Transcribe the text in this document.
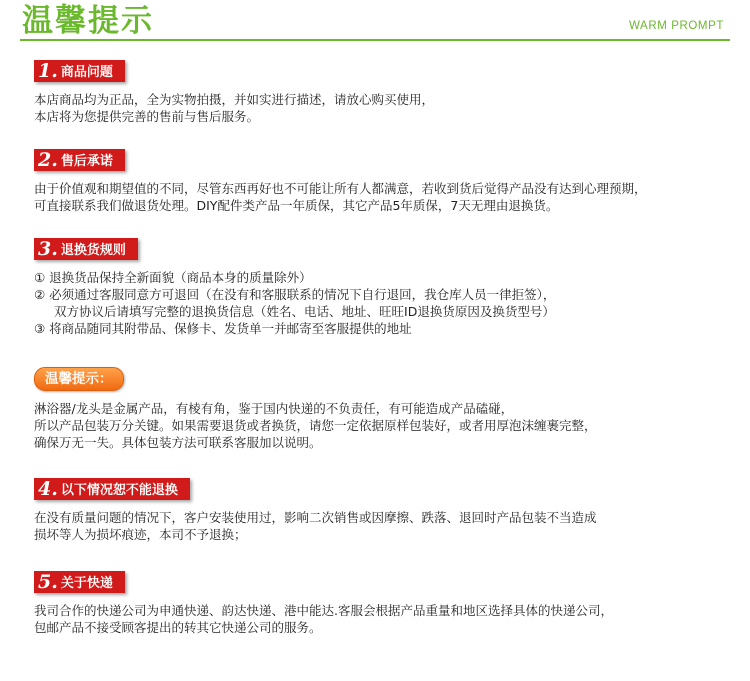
温馨提示	WARM PROMPT
1. 商品问题
本店商品均为正品，全为实物拍摄，并如实进行描述，请放心购买使用，
本店将为您提供完善的售前与售后服务。
2. 售后承诺
由于价值观和期望值的不同，尽管东西再好也不可能让所有人都满意，若收到货后觉得产品没有达到心理预期，
可直接联系我们做退货处理。DIY配件类产品一年质保，其它产品5年质保，7天无理由退换货。
3. 退换货规则
① 退换货品保持全新面貌（商品本身的质量除外）
② 必须通过客服同意方可退回（在没有和客服联系的情况下自行退回，我仓库人员一律拒签），
双方协议后请填写完整的退换货信息（姓名、电话、地址、旺旺ID退换货原因及换货型号）
③ 将商品随同其附带品、保修卡、发货单一并邮寄至客服提供的地址
温馨提示：
淋浴器/龙头是金属产品，有棱有角，鉴于国内快递的不负责任，有可能造成产品磕碰，
所以产品包装万分关键。如果需要退货或者换货，请您一定依据原样包装好，或者用厚泡沫缠裹完整，
确保万无一失。具体包装方法可联系客服加以说明。
4. 以下情况恕不能退换
在没有质量问题的情况下，客户安装使用过，影响二次销售或因摩擦、跌落、退回时产品包装不当造成
损坏等人为损坏痕迹，本司不予退换；
5. 关于快递
我司合作的快递公司为申通快递、韵达快递、港中能达.客服会根据产品重量和地区选择具体的快递公司，
包邮产品不接受顾客提出的转其它快递公司的服务。
